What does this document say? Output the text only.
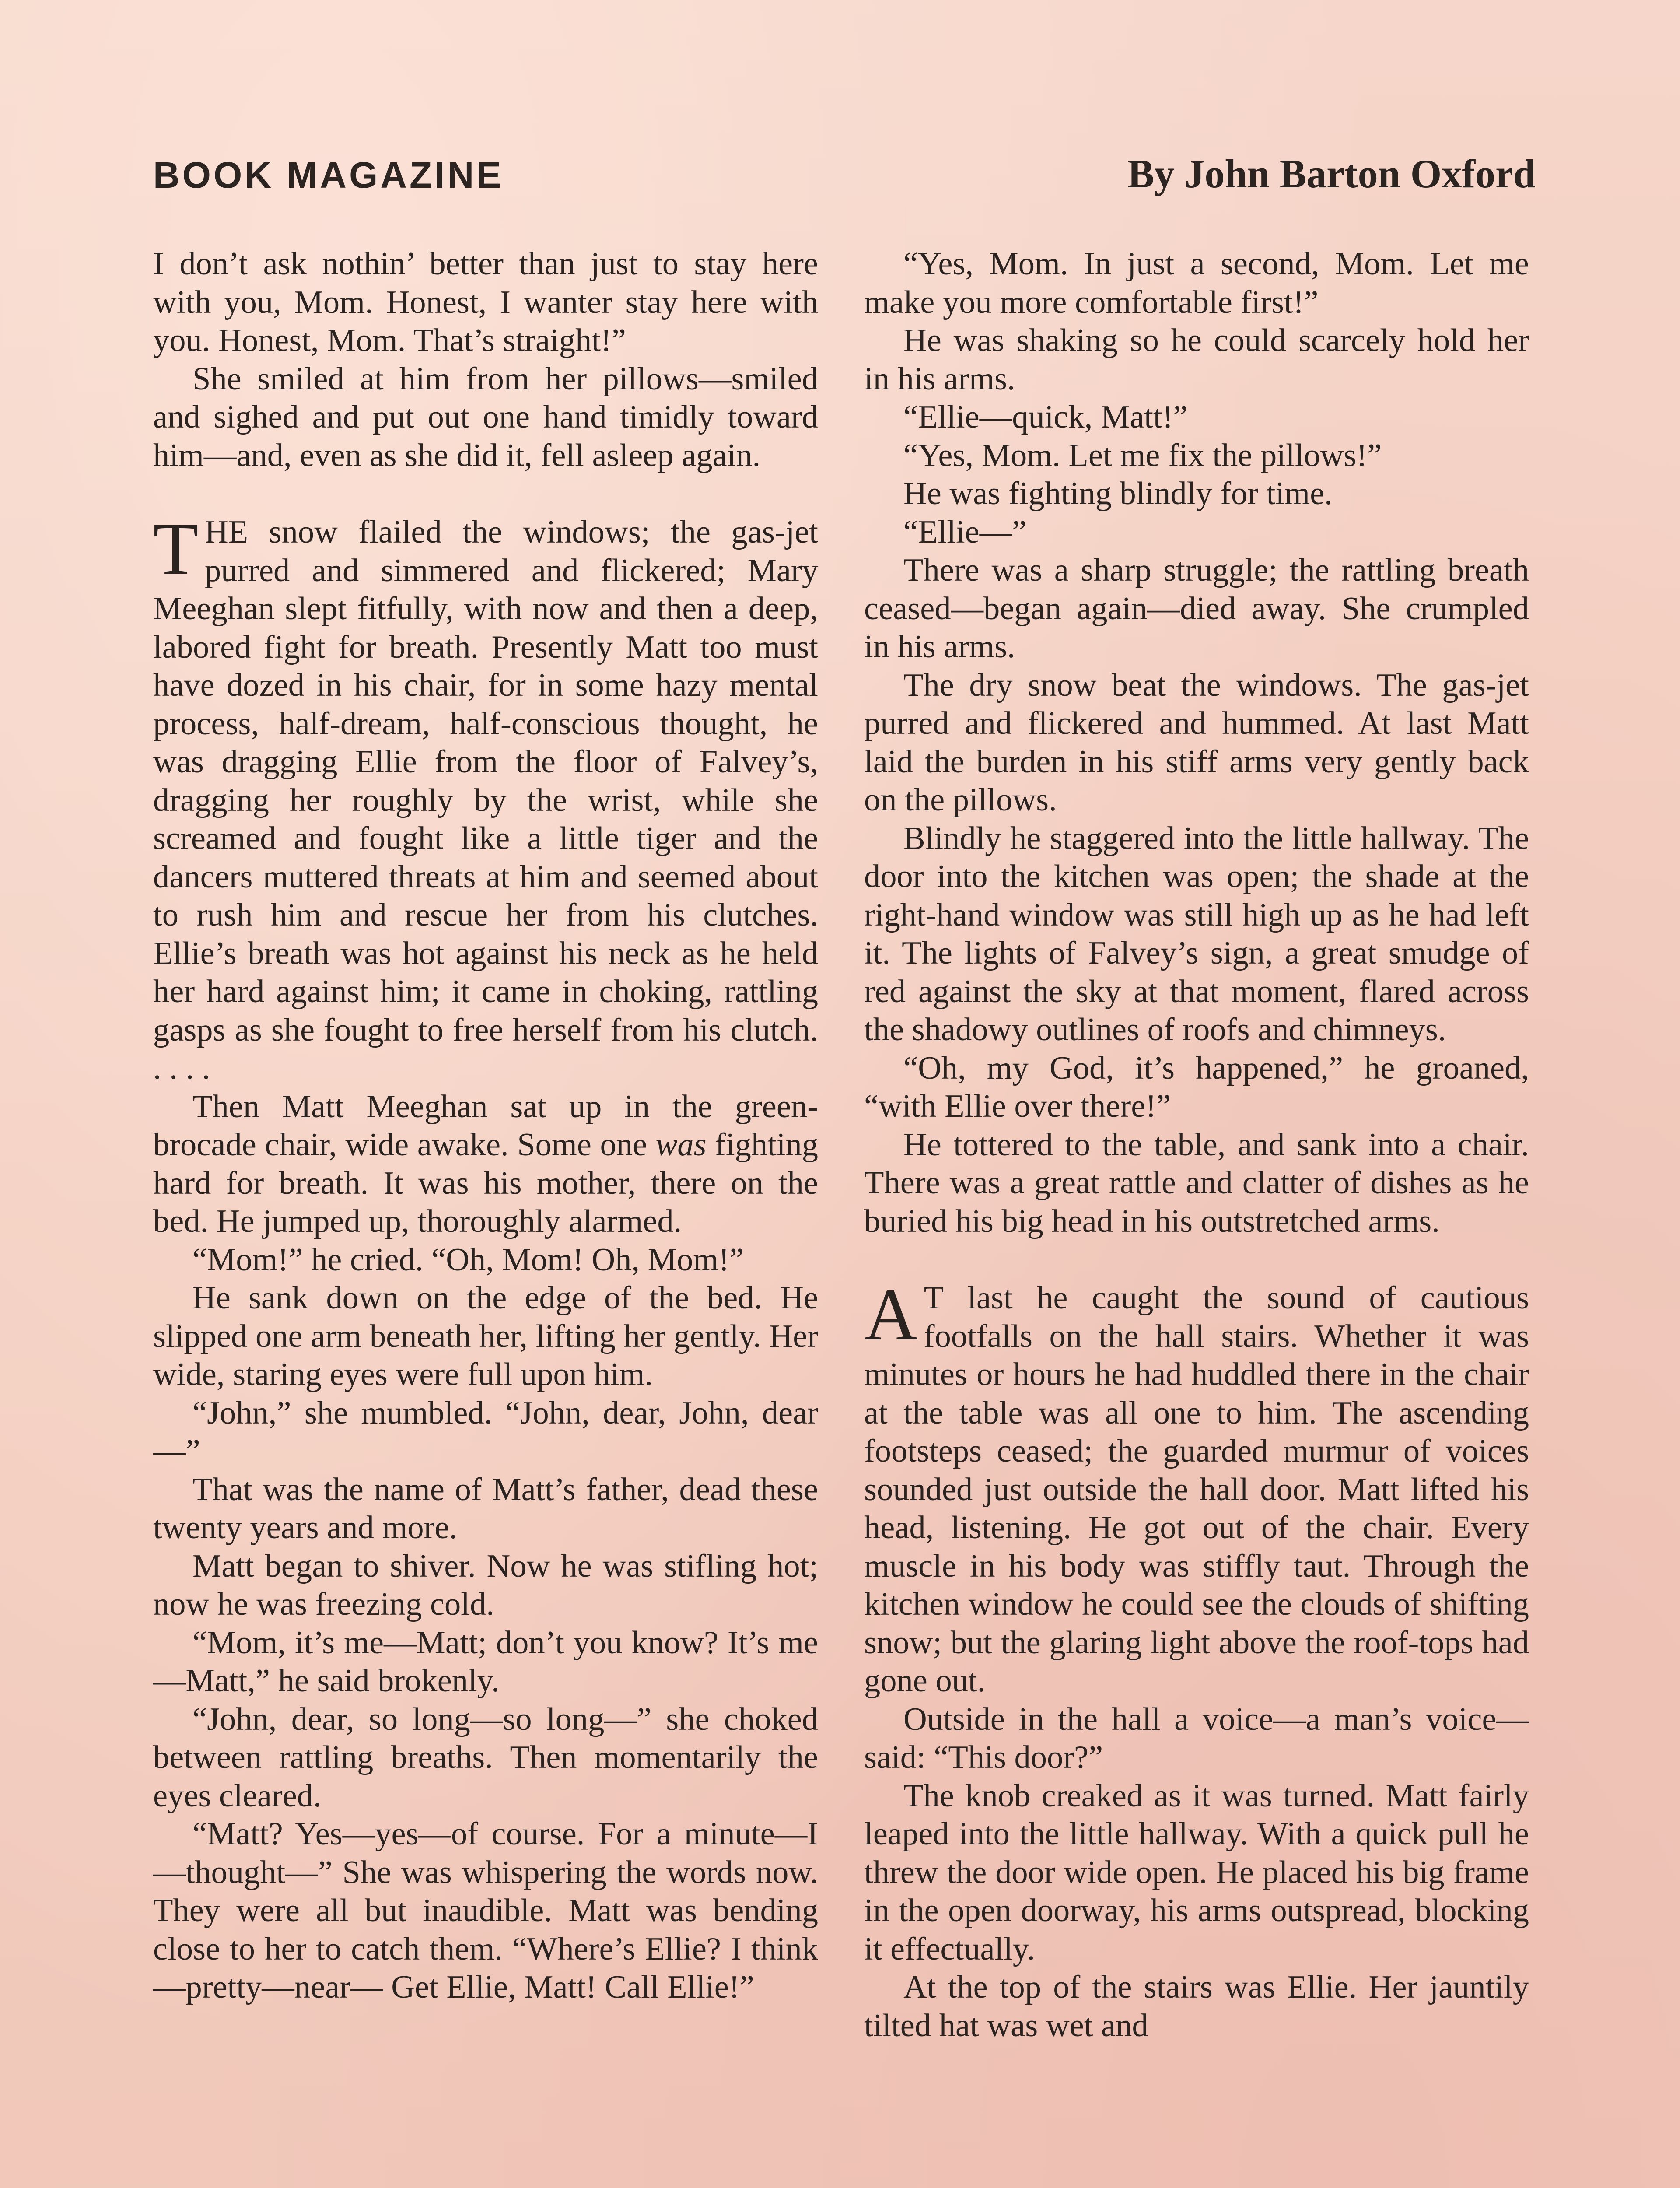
BOOK MAGAZINE	By John Barton Oxford

I don’t ask nothin’ better than just to stay here with you, Mom. Honest, I wanter stay here with you. Honest, Mom. That’s straight!”

She smiled at him from her pillows—smiled and sighed and put out one hand timidly toward him—and, even as she did it, fell asleep again.

THE snow flailed the windows; the gas-jet purred and simmered and flickered; Mary Meeghan slept fitfully, with now and then a deep, labored fight for breath. Presently Matt too must have dozed in his chair, for in some hazy mental process, half-dream, half-conscious thought, he was dragging Ellie from the floor of Falvey’s, dragging her roughly by the wrist, while she screamed and fought like a little tiger and the dancers muttered threats at him and seemed about to rush him and rescue her from his clutches. Ellie’s breath was hot against his neck as he held her hard against him; it came in choking, rattling gasps as she fought to free herself from his clutch. . . . .

Then Matt Meeghan sat up in the green-brocade chair, wide awake. Some one was fighting hard for breath. It was his mother, there on the bed. He jumped up, thoroughly alarmed.

“Mom!” he cried. “Oh, Mom! Oh, Mom!”

He sank down on the edge of the bed. He slipped one arm beneath her, lifting her gently. Her wide, staring eyes were full upon him.

“John,” she mumbled. “John, dear, John, dear—”

That was the name of Matt’s father, dead these twenty years and more.

Matt began to shiver. Now he was stifling hot; now he was freezing cold.

“Mom, it’s me—Matt; don’t you know? It’s me—Matt,” he said brokenly.

“John, dear, so long—so long—” she choked between rattling breaths. Then momentarily the eyes cleared.

“Matt? Yes—yes—of course. For a minute—I—thought—” She was whispering the words now. They were all but inaudible. Matt was bending close to her to catch them. “Where’s Ellie? I think—pretty—near— Get Ellie, Matt! Call Ellie!”

“Yes, Mom. In just a second, Mom. Let me make you more comfortable first!”

He was shaking so he could scarcely hold her in his arms.

“Ellie—quick, Matt!”

“Yes, Mom. Let me fix the pillows!”

He was fighting blindly for time.

“Ellie—”

There was a sharp struggle; the rattling breath ceased—began again—died away. She crumpled in his arms.

The dry snow beat the windows. The gas-jet purred and flickered and hummed. At last Matt laid the burden in his stiff arms very gently back on the pillows.

Blindly he staggered into the little hallway. The door into the kitchen was open; the shade at the right-hand window was still high up as he had left it. The lights of Falvey’s sign, a great smudge of red against the sky at that moment, flared across the shadowy outlines of roofs and chimneys.

“Oh, my God, it’s happened,” he groaned, “with Ellie over there!”

He tottered to the table, and sank into a chair. There was a great rattle and clatter of dishes as he buried his big head in his outstretched arms.

A T last he caught the sound of cautious footfalls on the hall stairs. Whether it was minutes or hours he had huddled there in the chair at the table was all one to him. The ascending footsteps ceased; the guarded murmur of voices sounded just outside the hall door. Matt lifted his head, listening. He got out of the chair. Every muscle in his body was stiffly taut. Through the kitchen window he could see the clouds of shifting snow; but the glaring light above the roof-tops had gone out.

Outside in the hall a voice—a man’s voice—said: “This door?”

The knob creaked as it was turned. Matt fairly leaped into the little hallway. With a quick pull he threw the door wide open. He placed his big frame in the open doorway, his arms outspread, blocking it effectually.

At the top of the stairs was Ellie. Her jauntily tilted hat was wet and
